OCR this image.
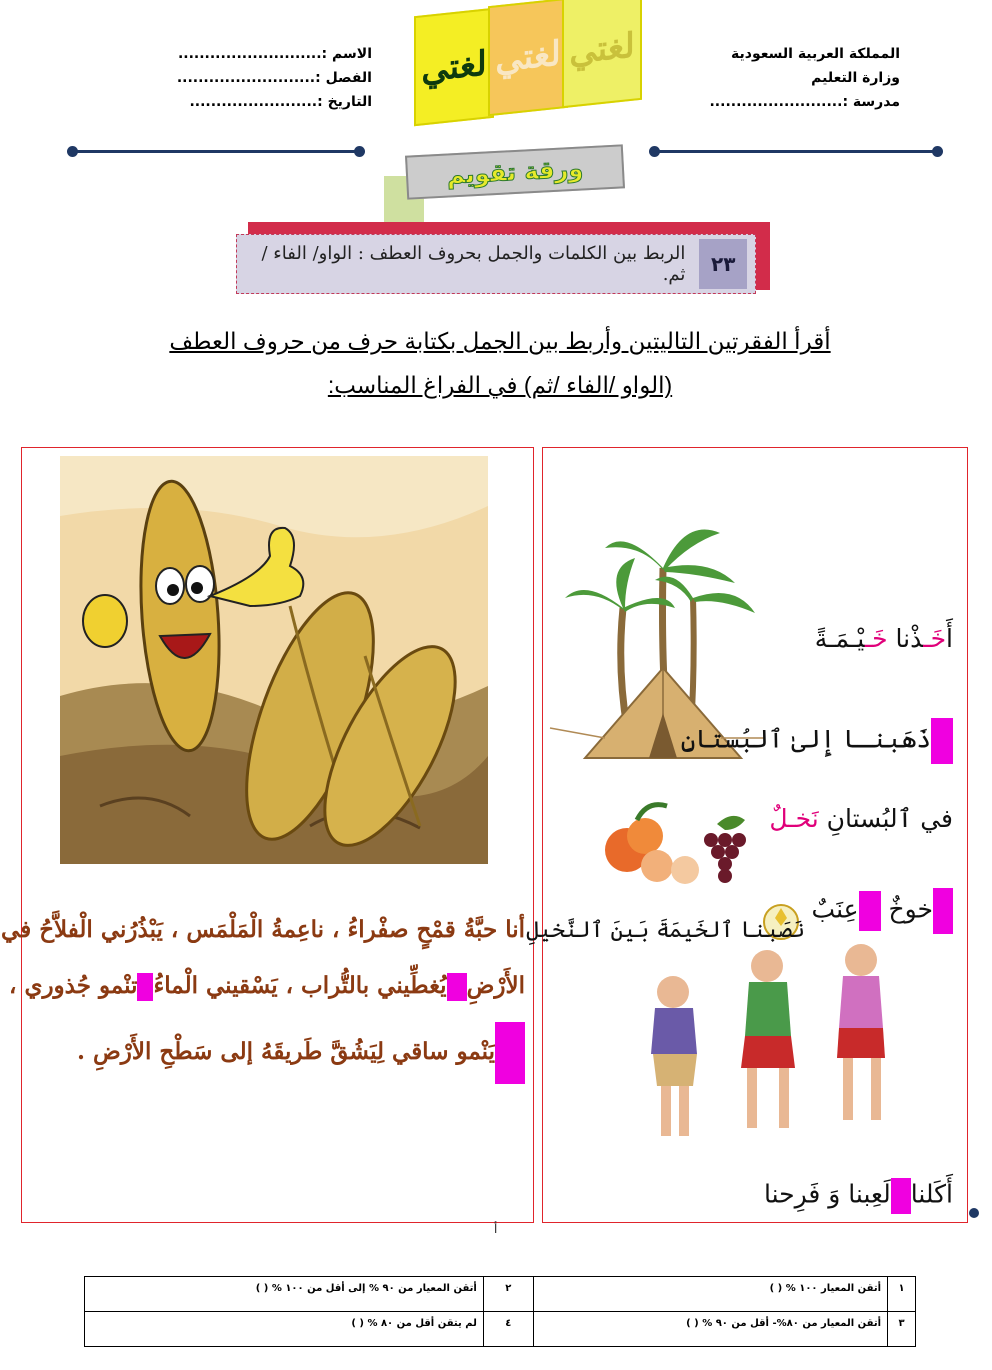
المملكة العربية السعودية
وزارة التعليم
مدرسة :.........................
الاسم :...........................
الفصل :..........................
التاريخ :........................
لغتي لغتي لغتي
ورقة تقويم
٢٣
الربط بين الكلمات والجمل بحروف العطف : الواو/ الفاء / ثم.
أقرأ الفقرتين التاليتين وأربط بين الجمل بكتابة حرف من حروف العطف
(الواو /الفاء /ثم) في الفراغ المناسب:
أنا حبَّةُ قمْحٍ صفْراءُ ، ناعِمةُ الْمَلْمَس ، يَبْذُرُني الْفلاَّحُ في
الأَرْضِيُغطِّيني بالتُّراب ، يَسْقيني الْماءُتنْمو جُذوري ،
يَنْمو ساقي لِيَشُقَّ طَريقَهُ إلى سَطْحِ الأَرْضِ .
أَخَـذْنا خَـيْـمَـةً
ذَهَبنـا إِلىٰ ٱلبُستانِ
في ٱلبُستانِ نَخـلٌ
خوخٌ عِنَبٌ
نَصَبنا ٱلخَيمَةَ بَينَ ٱلنَّخيلِ
أَكَلنالَعِبنا وَ فَرِحنا
أ
١	أتقن المعيار ١٠٠ % ( )	٢	أتقن المعيار من ٩٠ % إلى أقل من ١٠٠ % ( )
٣	أتقن المعيار من ٨٠%- أقل من ٩٠ % ( )	٤	لم يتقن أقل من ٨٠ % ( )
